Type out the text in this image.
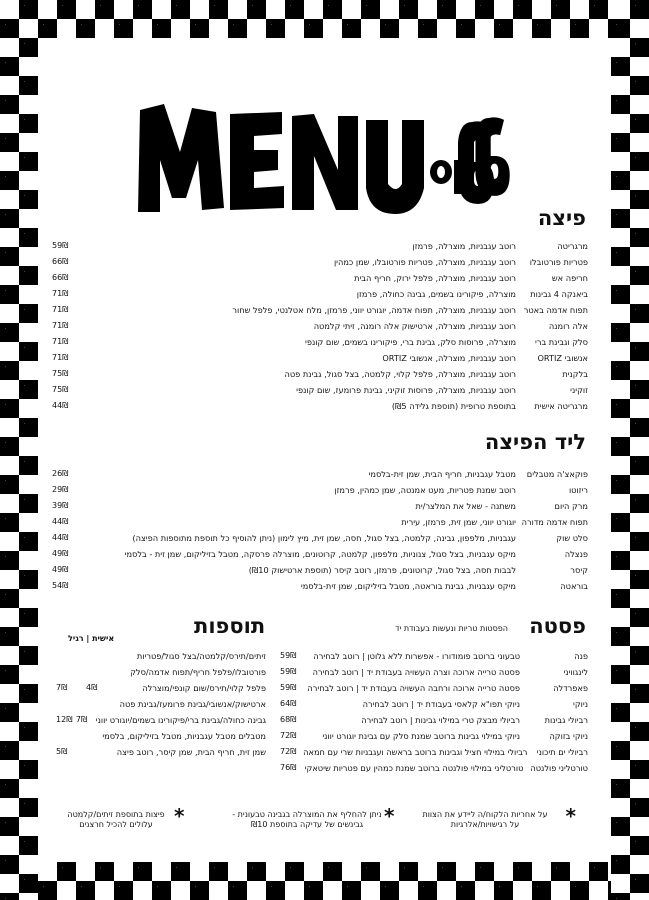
פיצה
מרגריטה
רוטב עגבניות, מוצרלה, פרמזן
59₪
פטריות פורטובלו
רוטב עגבניות, מוצרלה, פטריות פורטובלו, שמן כמהין
66₪
חריפה אש
רוטב עגבניות, מוצרלה, פלפל ירוק, חריף הבית
66₪
ביאנקה 4 גבינות
מוצרלה, פיקורינו בשמים, גבינה כחולה, פרמזן
71₪
תפוח אדמה באטר
רוטב עגבניות, מוצרלה, תפוח אדמה, יוגורט יווני, פרמזן, מלח אטלנטי, פלפל שחור
71₪
אלה רומנה
רוטב עגבניות, מוצרלה, ארטישוק אלה רומנה, זיתי קלמטה
71₪
סלק וגבינת ברי
מוצרלה, פרוסות סלק, גבינת ברי, פיקורינו בשמים, שום קונפי
71₪
אנשובי ORTIZ
רוטב עגבניות, מוצרלה, אנשובי ORTIZ
71₪
בלקנית
רוטב עגבניות, מוצרלה, פלפל קלוי, קלמטה, בצל סגול, גבינת פטה
75₪
זוקיני
רוטב עגבניות, מוצרלה, פרוסות זוקיני, גבינת פרומעז, שום קונפי
75₪
מרגריטה אישית
בתוספת טרופית (תוספת גלידה ₪5)
44₪
ליד הפיצה
פוקאצ'ה מטבלים
מטבל עגבניות, חריף הבית, שמן זית-בלסמי
26₪
ריזוטו
רוטב שמנת פטריות, מעט אמנטה, שמן כמהין, פרמזן
29₪
מרק היום
משתנה - שאל את המלצר/ית
39₪
תפוח אדמה מדורה
יוגורט יווני, שמן זית, פרמזן, עירית
44₪
סלט שוק
עגבניות, מלפפון, גבינה, קלמטה, בצל סגול, חסה, שמן זית, מיץ לימון (ניתן להוסיף כל תוספת מתוספות הפיצה)
44₪
פנצלה
מיקס עגבניות, בצל סגול, צנוניות, מלפפון, קלמטה, קרוטונים, מוצרלה פרסקה, מטבל בזיליקום, שמן זית - בלסמי
49₪
קיסר
לבבות חסה, בצל סגול, קרוטונים, פרמזן, רוטב קיסר (תוספת ארטישוק ₪10)
49₪
בוראטה
מיקס עגבניות, גבינת בוראטה, מטבל בזיליקום, שמן זית-בלסמי
54₪
פסטה
הפסטות טריות ונעשות בעבודת יד
פנה
טבעוני ברוטב פומודורו - אפשרות ללא גלוטן | רוטב לבחירה
59₪
לינגוויני
פסטה טרייה ארוכה וצרה העשויה בעבודת יד | רוטב לבחירה
59₪
פאפרדלה
פסטה טרייה ארוכה ורחבה העשויה בעבודת יד | רוטב לבחירה
59₪
ניוקי
ניוקי תפו"א קלאסי בעבודת יד | רוטב לבחירה
64₪
רביולי גבינות
רביולי מבצק טרי במילוי גבינות | רוטב לבחירה
68₪
ניוקי בזוקה
ניוקי במילוי גבינות ברוטב שמנת סלק עם גבינת יוגורט יווני
72₪
רביולי ים תיכוני
רביולי במילוי חציל וגבינות ברוטב בראשה ועגבניות שרי עם חמאה
72₪
טורטליני פולנטה
טורטליני במילוי פולנטה ברוטב שמנת כמהין עם פטריות שיטאקי
76₪
תוספות
אישית | רגיל
זיתים/תירס/קלמטה/בצל סגול/פטריות
פורטובלו/פלפל חריף/תפוח אדמה/סלק
פלפל קלוי/תירס/שום קונפי/מוצרלה
4₪
7₪
ארטישוק/אנשובי/גבינת פרומעז/גבינת פטה
גבינה כחולה/גבינת ברי/פיקורינו בשמים/יוגורט יווני
7₪
12₪
מטבלים מטבל עגבניות, מטבל בזיליקום, בלסמי
שמן זית, חריף הבית, שמן קיסר, רוטב פיצה
5₪
*
על אחריות הלקוח/ה ליידע את הצוות על רגישויות/אלרגיות
*
ניתן להחליף את המוצרלה בגבינה טבעונית - גבינשים של עדיקה בתוספת ₪10
*
פיצות בתוספת זיתים/קלמטה עלולים להכיל חרצנים
